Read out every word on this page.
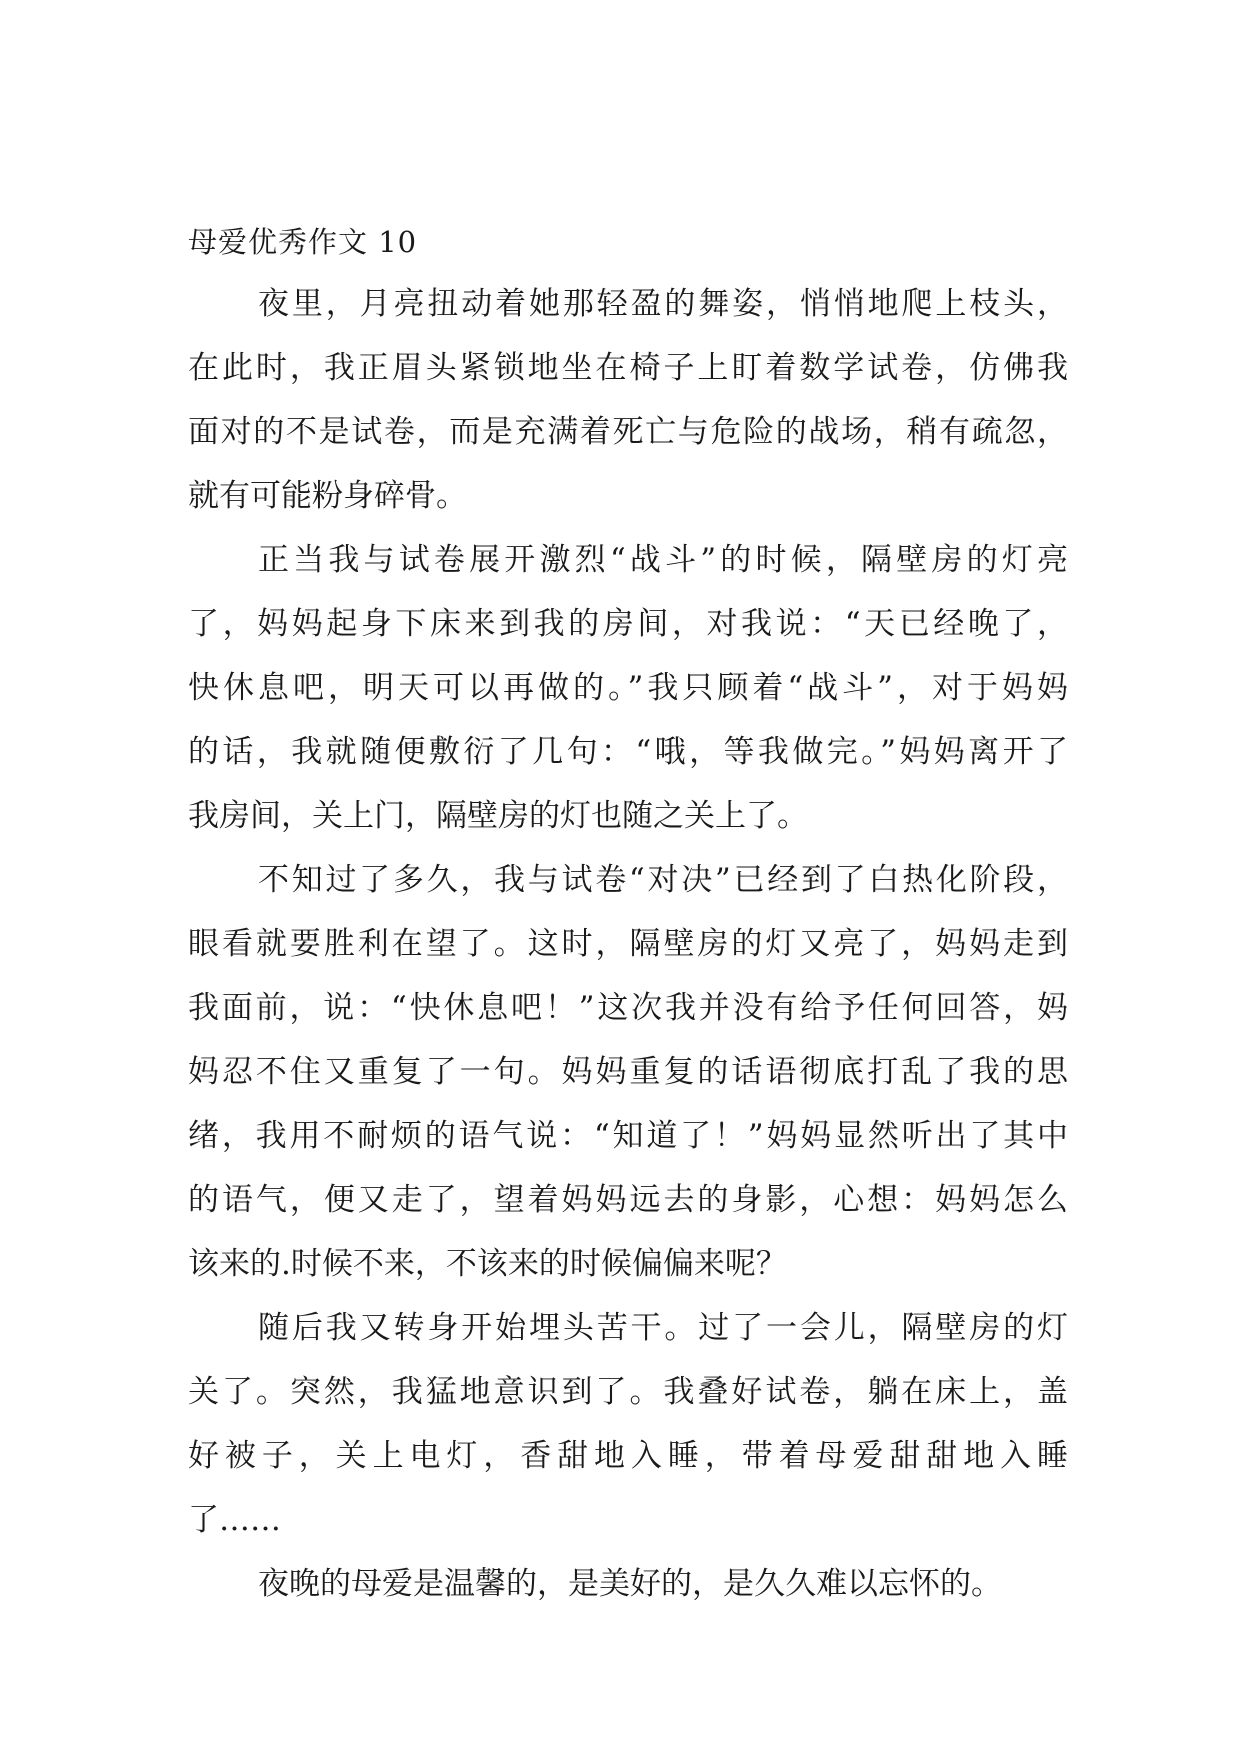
母爱优秀作文 10
夜里，月亮扭动着她那轻盈的舞姿，悄悄地爬上枝头，
在此时，我正眉头紧锁地坐在椅子上盯着数学试卷，仿佛我
面对的不是试卷，而是充满着死亡与危险的战场，稍有疏忽，
就有可能粉身碎骨。
正当我与试卷展开激烈“战斗”的时候，隔壁房的灯亮
了，妈妈起身下床来到我的房间，对我说：“天已经晚了，
快休息吧，明天可以再做的。”我只顾着“战斗”，对于妈妈
的话，我就随便敷衍了几句：“哦，等我做完。”妈妈离开了
我房间，关上门，隔壁房的灯也随之关上了。
不知过了多久，我与试卷“对决”已经到了白热化阶段，
眼看就要胜利在望了。这时，隔壁房的灯又亮了，妈妈走到
我面前，说：“快休息吧！”这次我并没有给予任何回答，妈
妈忍不住又重复了一句。妈妈重复的话语彻底打乱了我的思
绪，我用不耐烦的语气说：“知道了！”妈妈显然听出了其中
的语气，便又走了，望着妈妈远去的身影，心想：妈妈怎么
该来的.时候不来，不该来的时候偏偏来呢？
随后我又转身开始埋头苦干。过了一会儿，隔壁房的灯
关了。突然，我猛地意识到了。我叠好试卷，躺在床上，盖
好被子，关上电灯，香甜地入睡，带着母爱甜甜地入睡
了……
夜晚的母爱是温馨的，是美好的，是久久难以忘怀的。
